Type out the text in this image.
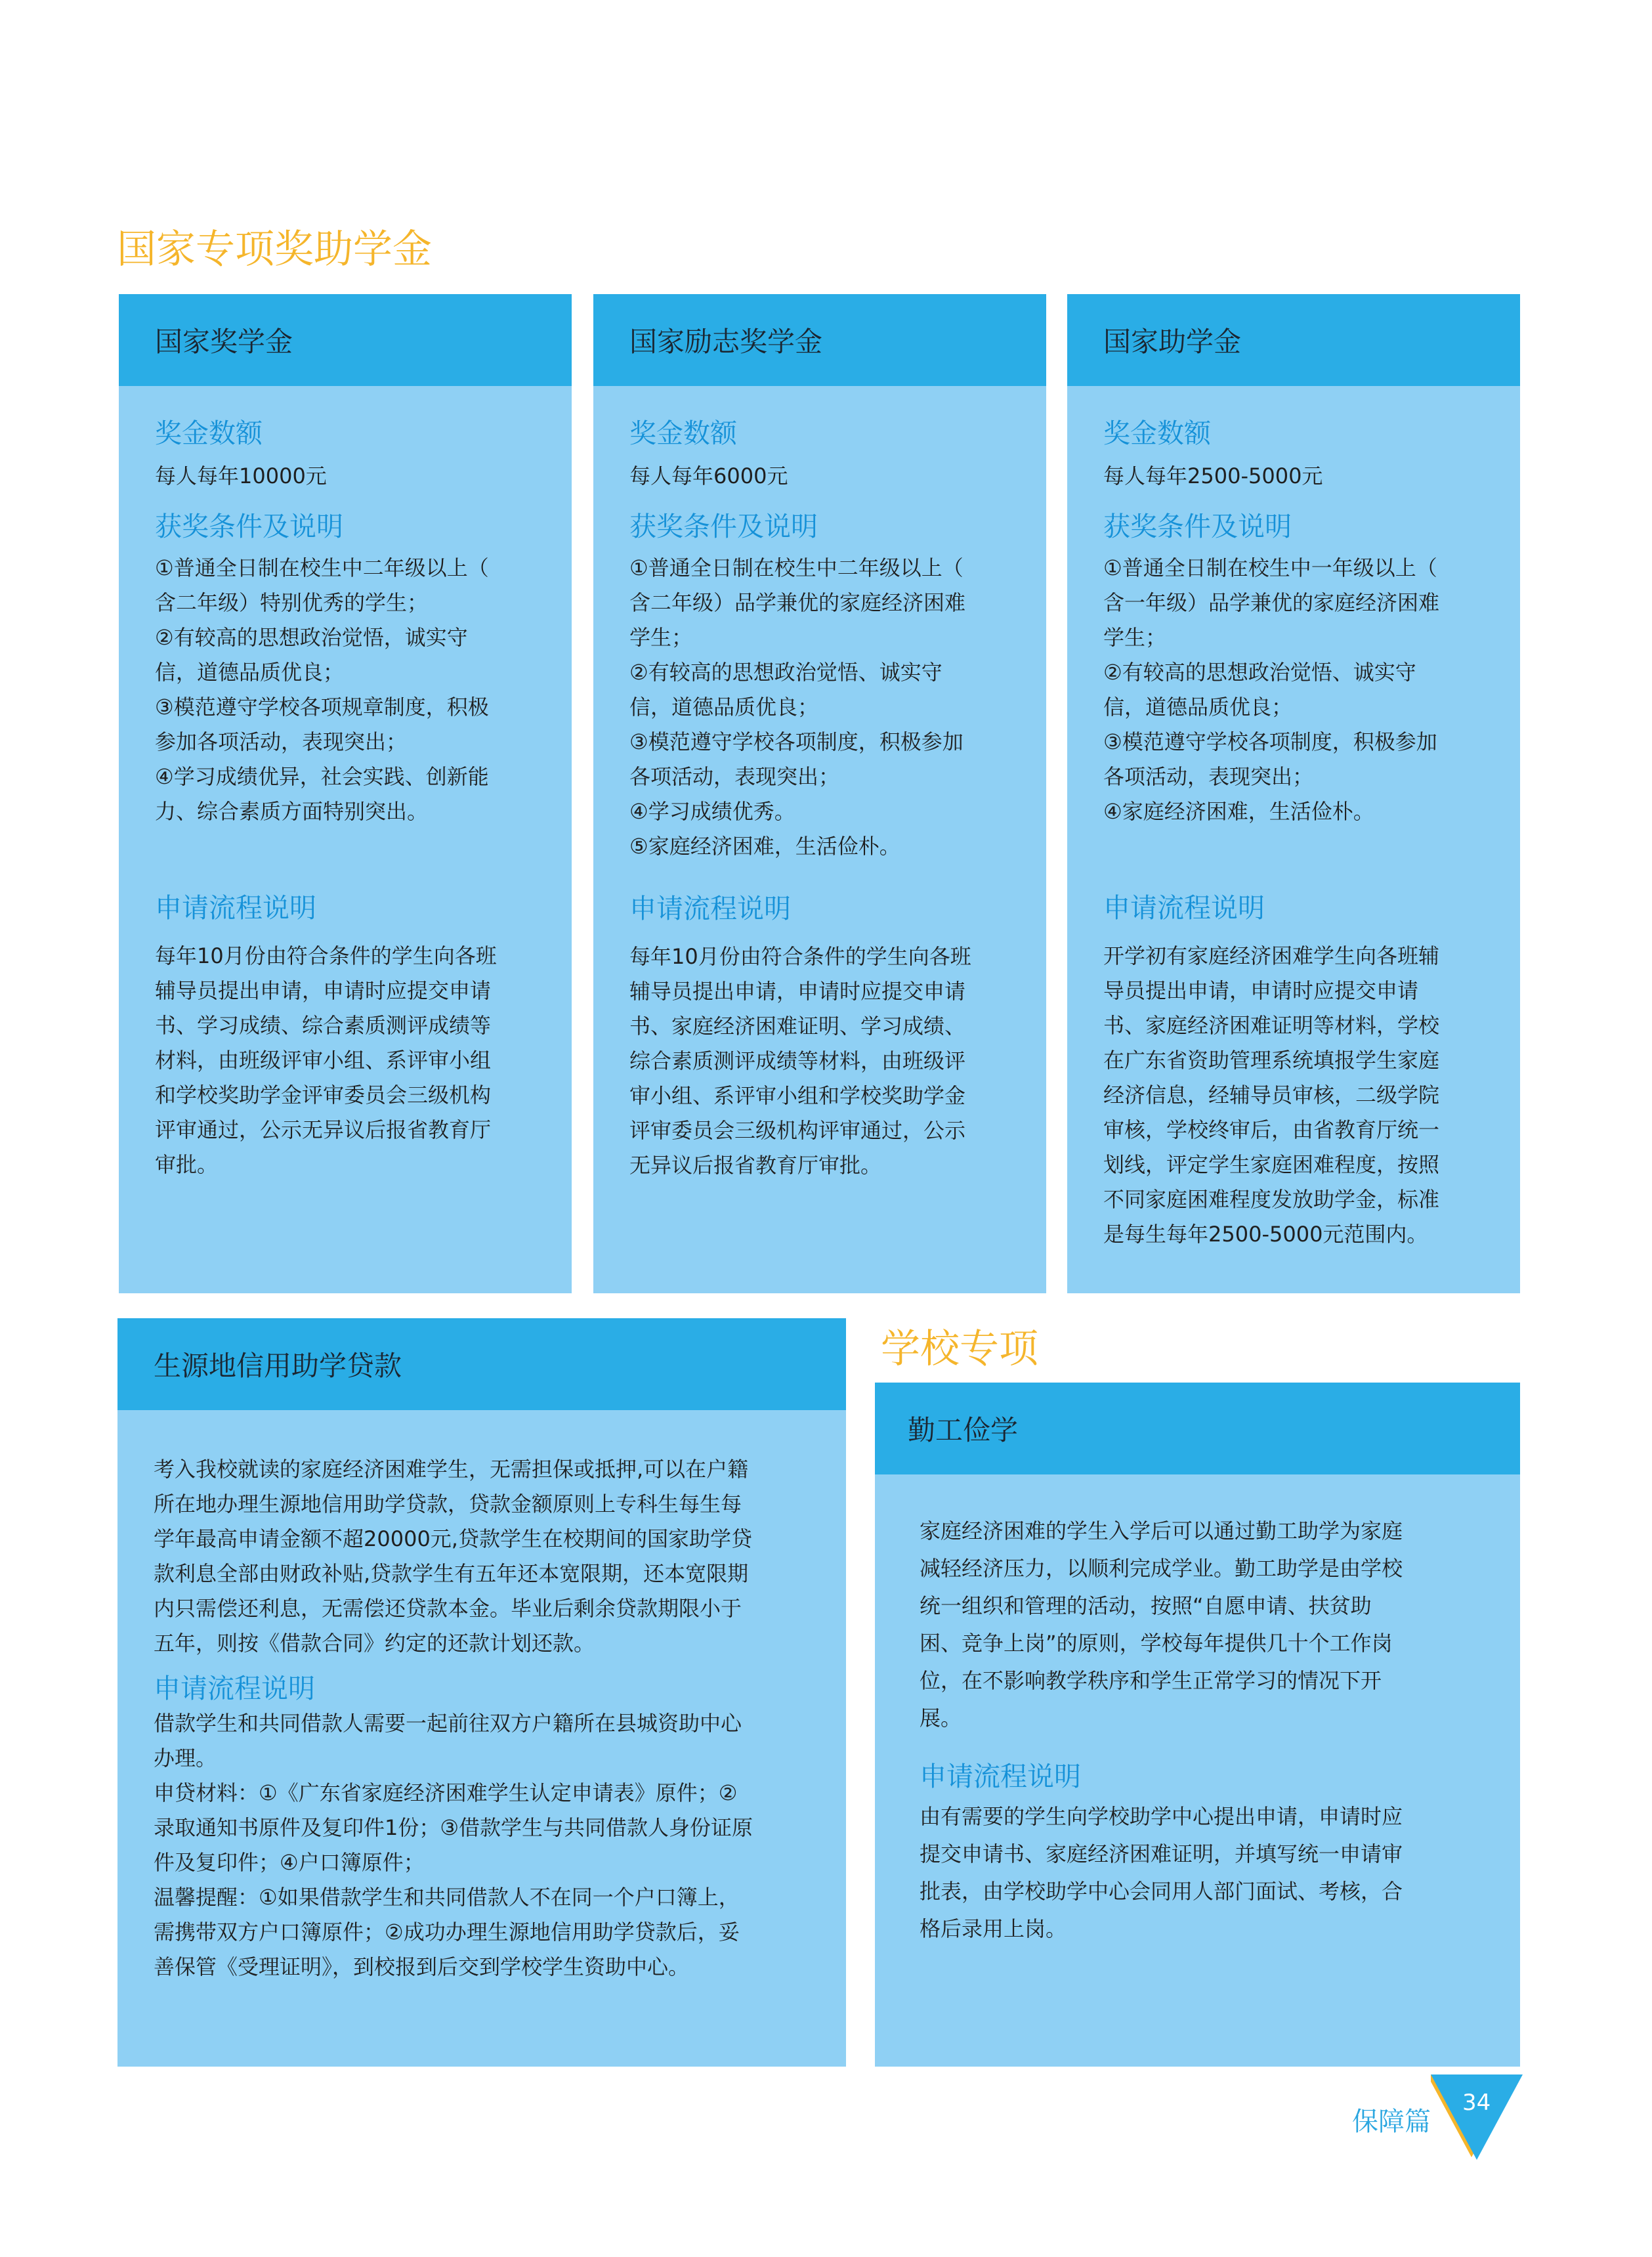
国家专项奖助学金
国家奖学金
奖金数额

每人每年10000元

获奖条件及说明
①普通全日制在校生中二年级以上（
含二年级）特别优秀的学生；
②有较高的思想政治觉悟，诚实守
信，道德品质优良；
③模范遵守学校各项规章制度，积极
参加各项活动，表现突出；
④学习成绩优异，社会实践、创新能
力、综合素质方面特别突出。
申请流程说明
每年10月份由符合条件的学生向各班
辅导员提出申请，申请时应提交申请
书、学习成绩、综合素质测评成绩等
材料，由班级评审小组、系评审小组
和学校奖助学金评审委员会三级机构
评审通过，公示无异议后报省教育厅
审批。
国家励志奖学金
奖金数额

每人每年6000元

获奖条件及说明
①普通全日制在校生中二年级以上（
含二年级）品学兼优的家庭经济困难
学生；
②有较高的思想政治觉悟、诚实守
信，道德品质优良；
③模范遵守学校各项制度，积极参加
各项活动，表现突出；
④学习成绩优秀。
⑤家庭经济困难，生活俭朴。
申请流程说明
每年10月份由符合条件的学生向各班
辅导员提出申请，申请时应提交申请
书、家庭经济困难证明、学习成绩、
综合素质测评成绩等材料，由班级评
审小组、系评审小组和学校奖助学金
评审委员会三级机构评审通过，公示
无异议后报省教育厅审批。
国家助学金
奖金数额

每人每年2500-5000元

获奖条件及说明
①普通全日制在校生中一年级以上（
含一年级）品学兼优的家庭经济困难
学生；
②有较高的思想政治觉悟、诚实守
信，道德品质优良；
③模范遵守学校各项制度，积极参加
各项活动，表现突出；
④家庭经济困难，生活俭朴。
申请流程说明
开学初有家庭经济困难学生向各班辅
导员提出申请，申请时应提交申请
书、家庭经济困难证明等材料，学校
在广东省资助管理系统填报学生家庭
经济信息，经辅导员审核，二级学院
审核，学校终审后，由省教育厅统一
划线，评定学生家庭困难程度，按照
不同家庭困难程度发放助学金，标准
是每生每年2500-5000元范围内。
生源地信用助学贷款
考入我校就读的家庭经济困难学生，无需担保或抵押,可以在户籍
所在地办理生源地信用助学贷款，贷款金额原则上专科生每生每
学年最高申请金额不超20000元,贷款学生在校期间的国家助学贷
款利息全部由财政补贴,贷款学生有五年还本宽限期，还本宽限期
内只需偿还利息，无需偿还贷款本金。毕业后剩余贷款期限小于
五年，则按《借款合同》约定的还款计划还款。
申请流程说明
借款学生和共同借款人需要一起前往双方户籍所在县城资助中心
办理。
申贷材料：①《广东省家庭经济困难学生认定申请表》原件；②
录取通知书原件及复印件1份；③借款学生与共同借款人身份证原
件及复印件；④户口簿原件；
温馨提醒：①如果借款学生和共同借款人不在同一个户口簿上，
需携带双方户口簿原件；②成功办理生源地信用助学贷款后，妥
善保管《受理证明》，到校报到后交到学校学生资助中心。
学校专项
勤工俭学
家庭经济困难的学生入学后可以通过勤工助学为家庭
减轻经济压力，以顺利完成学业。勤工助学是由学校
统一组织和管理的活动，按照“自愿申请、扶贫助
困、竞争上岗”的原则，学校每年提供几十个工作岗
位，在不影响教学秩序和学生正常学习的情况下开
展。
申请流程说明
由有需要的学生向学校助学中心提出申请，申请时应
提交申请书、家庭经济困难证明，并填写统一申请审
批表，由学校助学中心会同用人部门面试、考核，合
格后录用上岗。
保障篇
34
